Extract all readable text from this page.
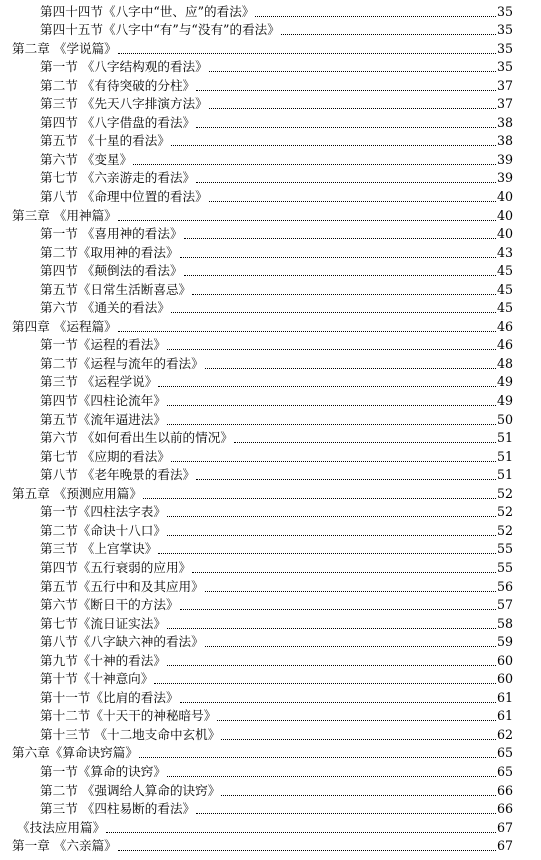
第四十四节《八字中“世、应”的看法》	35
第四十五节《八字中“有”与“没有”的看法》	35
第二章 《学说篇》	35
第一节 《八字结构观的看法》	35
第二节 《有待突破的分柱》	37
第三节 《先天八字排演方法》	37
第四节 《八字借盘的看法》	38
第五节 《十星的看法》	38
第六节 《变星》	39
第七节 《六亲游走的看法》	39
第八节 《命理中位置的看法》	40
第三章 《用神篇》	40
第一节 《喜用神的看法》	40
第二节《取用神的看法》	43
第四节 《颠倒法的看法》	45
第五节《日常生活断喜忌》	45
第六节 《通关的看法》	45
第四章 《运程篇》	46
第一节《运程的看法》	46
第二节《运程与流年的看法》	48
第三节 《运程学说》	49
第四节《四柱论流年》	49
第五节《流年逼进法》	50
第六节 《如何看出生以前的情况》	51
第七节 《应期的看法》	51
第八节 《老年晚景的看法》	51
第五章 《预测应用篇》	52
第一节《四柱法字表》	52
第二节《命诀十八口》	52
第三节 《上宫掌诀》	55
第四节《五行衰弱的应用》	55
第五节《五行中和及其应用》	56
第六节《断日干的方法》	57
第七节《流日证实法》	58
第八节《八字缺六神的看法》	59
第九节《十神的看法》	60
第十节《十神意向》	60
第十一节《比肩的看法》	61
第十二节《十天干的神秘暗号》	61
第十三节 《十二地支命中玄机》	62
第六章《算命诀窍篇》	65
第一节《算命的诀窍》	65
第二节 《强调给人算命的诀窍》	66
第三节 《四柱易断的看法》	66
《技法应用篇》	67
第一章 《六亲篇》	67
